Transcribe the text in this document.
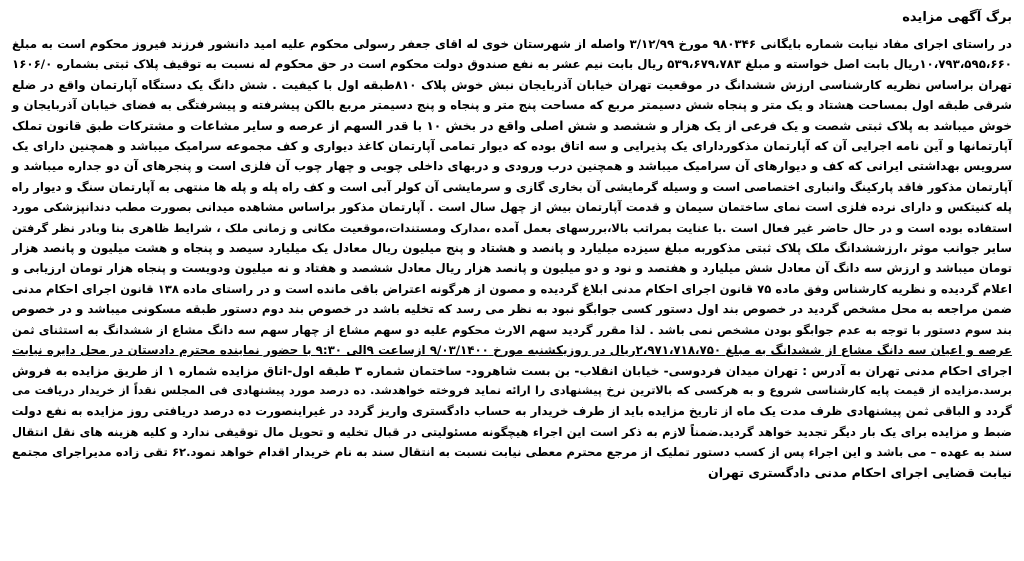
برگ آگهی مزایده
در راستای اجرای مفاد نیابت شماره بایگانی ۹۸۰۳۴۶ مورخ ۳/۱۲/۹۹ واصله از شهرستان خوی له اقای جعفر رسولی محکوم علیه امید دانشور فرزند فیروز محکوم است به مبلغ
۱۰،۷۹۳،۵۹۵،۶۶۰ریال بابت اصل خواسته و مبلغ ۵۳۹،۶۷۹،۷۸۳ ریال بابت نیم عشر به نفع صندوق دولت محکوم است در حق محکوم له نسبت به توقیف پلاک ثبتی بشماره ۱۶۰۶/۰
تهران براساس نظریه کارشناسی ارزش ششدانگ در موقعیت تهران خیابان آذربایجان نبش خوش پلاک ۸۱۰طبقه اول با کیفیت . شش دانگ یک دستگاه آپارتمان واقع در ضلع
شرقی طبقه اول بمساحت هشتاد و یک متر و پنجاه شش دسیمتر مربع که مساحت پنج متر و پنجاه و پنج دسیمتر مربع بالکن پیشرفته و پیشرفتگی به فضای خیابان آذربایجان و
خوش میباشد به پلاک ثبتی شصت و یک فرعی از یک هزار و ششصد و شش اصلی واقع در بخش ۱۰ با قدر السهم از عرصه و سایر مشاعات و مشترکات طبق قانون تملک
آپارتمانها و آین نامه اجرایی آن که آپارتمان مذکوردارای یک پذیرایی و سه اتاق بوده که دیوار تمامی آپارتمان کاغذ دیواری و کف مجموعه سرامیک میباشد و همچنین دارای یک
سرویس بهداشتی ایرانی که کف و دیوارهای آن سرامیک میباشد و همچنین درب ورودی و دربهای داخلی چوبی و چهار چوب آن فلزی است و پنجرهای آن دو جداره میباشد و
آپارتمان مذکور فاقد پارکینگ وانباری اختصاصی است و وسیله گرمایشی آن بخاری گازی و سرمایشی آن کولر آبی است و کف راه پله و پله ها منتهی به آپارتمان سنگ و دیوار راه
پله کنیتکس و دارای نرده فلزی است نمای ساختمان سیمان و قدمت آپارتمان بیش از چهل سال است . آپارتمان مذکور براساس مشاهده میدانی بصورت مطب دندانپزشکی مورد
استفاده بوده است و در حال حاضر غیر فعال است .با عنایت بمراتب بالا،بررسهای بعمل آمده ،مدارک ومستندات،موقعیت مکانی و زمانی ملک ، شرایط ظاهری بنا وبادر نظر گرفتن
سایر جوانب موثر ،ارزششدانگ ملک پلاک ثبتی مذکوربه مبلغ سیزده میلیارد و پانصد و هشتاد و پنج میلیون ریال معادل یک میلیارد سیصد و پنجاه و هشت میلیون و پانصد هزار
تومان میباشد و ارزش سه دانگ آن معادل شش میلیارد و هفتصد و نود و دو میلیون و پانصد هزار ریال معادل ششصد و هفتاد و نه میلیون ودویست و پنجاه هزار تومان ارزیابی و
اعلام گردیده و نظریه کارشناس وفق ماده ۷۵ قانون اجرای احکام مدنی ابلاغ گردیده و مصون از هرگونه اعتراض باقی مانده است و در راستای ماده ۱۳۸ قانون اجرای احکام مدنی
ضمن مراجعه به محل مشخص گردید در خصوص بند اول دستور کسی جوابگو نبود به نظر می رسد که تخلیه باشد در خصوص بند دوم دستور طبقه مسکونی میباشد و در خصوص
بند سوم دستور با توجه به عدم جوابگو بودن مشخص نمی باشد . لذا مقرر گردید سهم الارث محکوم علیه دو سهم مشاع از چهار سهم سه دانگ مشاع از ششدانگ به استثنای ثمن
عرصه و اعیان سه دانگ مشاع از ششدانگ به مبلغ ۲،۹۷۱،۷۱۸،۷۵۰ریال در روزیکشنبه مورخ ۹/۰۳/۱۴۰۰ ازساعت ۹الی ۹:۳۰ با حضور نماینده محترم دادستان در محل دایره نیابت
اجرای احکام مدنی تهران به آدرس : تهران میدان فردوسی- خیابان انقلاب- بن بست شاهرود- ساختمان شماره ۳ طبقه اول-اتاق مزایده شماره ۱ از طریق مزایده به فروش
برسد.مزایده از قیمت پایه کارشناسی شروع و به هرکسی که بالاترین نرخ پیشنهادی را ارائه نماید فروخته خواهدشد. ده درصد مورد پیشنهادی فی المجلس نقداً از خریدار دریافت می
گردد و الباقی ثمن پیشنهادی ظرف مدت یک ماه از تاریخ مزایده باید از طرف خریدار به حساب دادگستری واریز گردد در غیراینصورت ده درصد دریافتی روز مزایده به نفع دولت
ضبط و مزایده برای یک بار دیگر تجدید خواهد گردید.ضمناً لازم به ذکر است این اجراء هیچگونه مسئولیتی در قبال تخلیه و تحویل مال توقیفی ندارد و کلیه هزینه های نقل انتقال
سند به عهده – می باشد و این اجراء پس از کسب دستور تملیک از مرجع محترم معطی نیابت نسبت به انتقال سند به نام خریدار اقدام خواهد نمود.۶۲ تقی زاده مدیراجرای مجتمع
نیابت قضایی اجرای احکام مدنی دادگستری تهران
